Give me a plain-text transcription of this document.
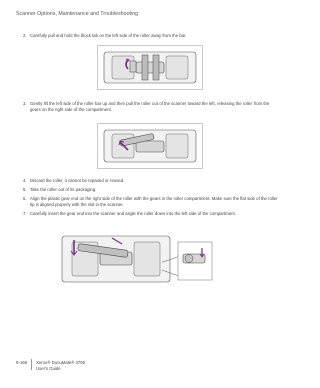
Scanner Options, Maintenance and Troubleshooting
2. Carefully pull and hold the block tab on the left side of the roller away from the bar.
3. Gently lift the left side of the roller bar up and then pull the roller out of the scanner toward the left, releasing the roller from the gears on the right side of the compartment.
4. Discard the roller, it cannot be repaired or reused.
5. Take the roller out of its packaging.
6. Align the plastic gear end on the right side of the roller with the gears in the roller compartment. Make sure the flat side of the roller tip is aligned properly with the slot in the scanner.
7. Carefully insert the gear end into the scanner and angle the roller down into the left side of the compartment.
9-166 Xerox® DocuMate® 4790
User's Guide
